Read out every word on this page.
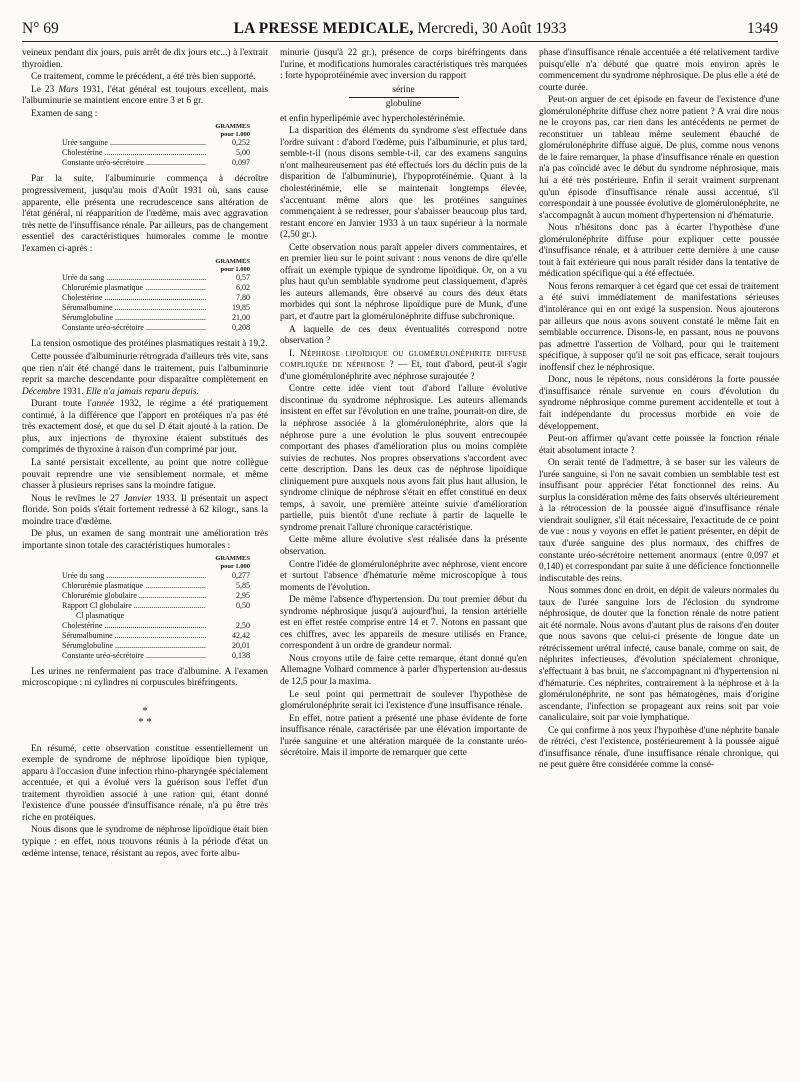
N° 69	LA PRESSE MEDICALE, Mercredi, 30 Août 1933	1349

veineux pendant dix jours, puis arrêt de dix jours etc...) à l'extrait thyroïdien.

Ce traitement, comme le précédent, a été très bien supporté.

Le 23 Mars 1931, l'état général est toujours excellent, mais l'albuminurie se maintient encore entre 3 et 6 gr.

Examen de sang :

GRAMMES
pour 1.000
Urée sanguine .....	0,252
Cholestérine .....	5,00
Constante uréo-sécrétoire .....	0,097

Par la suite, l'albuminurie commença à décroître progressivement, jusqu'au mois d'Août 1931 où, sans cause apparente, elle présenta une recrudescence sans altération de l'état général, ni réapparition de l'œdème, mais avec aggravation très nette de l'insuffisance rénale. Par ailleurs, pas de changement essentiel des caractéristiques humorales comme le montre l'examen ci-après :

GRAMMES
pour 1.000
Urée du sang .....	0,57
Chlorurémie plasmatique .....	6,02
Cholestérine .....	7,80
Sérumalbumine .....	19,85
Sérumglobuline .....	21,00
Constante uréo-sécrétoire .....	0,208

La tension osmotique des protéines plasmatiques restait à 19,2.

Cette poussée d'albuminurie rétrograda d'ailleurs très vite, sans que rien n'ait été changé dans le traitement, puis l'albuminurie reprit sa marche descendante pour disparaître complètement en Décembre 1931. Elle n'a jamais reparu depuis.

Durant toute l'année 1932, le régime a été pratiquement continué, à la différence que l'apport en protéiques n'a pas été très exactement dosé, et que du sel D était ajouté à la ration. De plus, aux injections de thyroxine étaient substitués des comprimés de thyroxine à raison d'un comprimé par jour.

La santé persistait excellente, au point que notre collègue pouvait reprendre une vie sensiblement normale, et même chasser à plusieurs reprises sans la moindre fatigue.

Nous le revîmes le 27 Janvier 1933. Il présentait un aspect floride. Son poids s'était fortement redressé à 62 kilogr., sans la moindre trace d'œdème.

De plus, un examen de sang montrait une amélioration très importante sinon totale des caractéristiques humorales :

GRAMMES
pour 1.000
Urée du sang .....	0,277
Chlorurémie plasmatique .....	5,85
Chlorurémie globulaire .....	2,95
Rapport Cl globulaire .....	0,50
Cl plasmatique
Cholestérine .....	2,50
Sérumalbumine .....	42,42
Sérumglobuline .....	20,01
Constante uréo-sécrétoire .....	0,138

Les urines ne renfermaient pas trace d'albumine. A l'examen microscopique : ni cylindres ni corpuscules biréfringents.

*
* *

En résumé, cette observation constitue essentiellement un exemple de syndrome de néphrose lipoïdique bien typique, apparu à l'occasion d'une infection rhino-pharyngée spécialement accentuée, et qui a évolué vers la guérison sous l'effet d'un traitement thyroïdien associé à une ration qui, étant donné l'existence d'une poussée d'insuffisance rénale, n'a pu être très riche en protéiques.

Nous disons que le syndrome de néphrose lipoïdique était bien typique : en effet, nous trouvons réunis à la période d'état un œdème intense, tenace, résistant au repos, avec forte albu-

minurie (jusqu'à 22 gr.), présence de corps biréfringents dans l'urine, et modifications humorales caractéristiques très marquées : forte hypoprotéinémie avec inversion du rapport

sérine
globuline

et enfin hyperlipémie avec hypercholestérinémie.

La disparition des éléments du syndrome s'est effectuée dans l'ordre suivant : d'abord l'œdème, puis l'albuminurie, et plus tard, semble-t-il (nous disons semble-t-il, car des examens sanguins n'ont malheureusement pas été effectués lors du déclin puis de la disparition de l'albuminurie), l'hypoprotéinémie. Quant à la cholestérinémie, elle se maintenait longtemps élevée, s'accentuant même alors que les protéines sanguines commençaient à se redresser, pour s'abaisser beaucoup plus tard, restant encore en Janvier 1933 à un taux supérieur à la normale (2,50 gr.).

Cette observation nous paraît appeler divers commentaires, et en premier lieu sur le point suivant : nous venons de dire qu'elle offrait un exemple typique de syndrome lipoïdique. Or, on a vu plus haut qu'un semblable syndrome peut classiquement, d'après les auteurs allemands, être observé au cours des deux états morbides qui sont la néphrose lipoïdique pure de Munk, d'une part, et d'autre part la glomérulonéphrite diffuse subchronique.

A laquelle de ces deux éventualités correspond notre observation ?

I. Néphrose lipoïdique ou glomérulonéphrite diffuse compliquée de néphrose ? — Et, tout d'abord, peut-il s'agir d'une glomérulonéphrite avec néphrose surajoutée ?

Contre cette idée vient tout d'abord l'allure évolutive discontinue du syndrome néphrosique. Les auteurs allemands insistent en effet sur l'évolution en une traîne, pourrait-on dire, de la néphrose associée à la glomérulonéphrite, alors que la néphrose pure a une évolution le plus souvent entrecoupée comportant des phases d'amélioration plus ou moins complète suivies de rechutes. Nos propres observations s'accordent avec cette description. Dans les deux cas de néphrose lipoïdique cliniquement pure auxquels nous avons fait plus haut allusion, le syndrome clinique de néphrose s'était en effet constitué en deux temps, à savoir, une première atteinte suivie d'amélioration partielle, puis bientôt d'une rechute à partir de laquelle le syndrome prenait l'allure chronique caractéristique.

Cette même allure évolutive s'est réalisée dans la présente observation.

Contre l'idée de glomérulonéphrite avec néphrose, vient encore et surtout l'absence d'hématurie même microscopique à tous moments de l'évolution.

De même l'absence d'hypertension. Du tout premier début du syndrome néphrosique jusqu'à aujourd'hui, la tension artérielle est en effet restée comprise entre 14 et 7. Notons en passant que ces chiffres, avec les appareils de mesure utilisés en France, correspondent à un ordre de grandeur normal.

Nous croyons utile de faire cette remarque, étant donné qu'en Allemagne Volhard commence à parler d'hypertension au-dessus de 12,5 pour la maxima.

Le seul point qui permettrait de soulever l'hypothèse de glomérulonéphrite serait ici l'existence d'une insuffisance rénale.

En effet, notre patient a présenté une phase évidente de forte insuffisance rénale, caractérisée par une élévation importante de l'urée sanguine et une altération marquée de la constante uréo-sécrétoire. Mais il importe de remarquer que cette

phase d'insuffisance rénale accentuée a été relativement tardive puisqu'elle n'a débuté que quatre mois environ après le commencement du syndrome néphrosique. De plus elle a été de courte durée.

Peut-on arguer de cet épisode en faveur de l'existence d'une glomérulonéphrite diffuse chez notre patient ? A vrai dire nous ne le croyons pas, car rien dans les antécédents ne permet de reconstituer un tableau même seulement ébauché de glomérulonéphrite diffuse aiguë. De plus, comme nous venons de le faire remarquer, la phase d'insuffisance rénale en question n'a pas coïncidé avec le début du syndrome néphrosique, mais lui a été très postérieure. Enfin il serait vraiment surprenant qu'un épisode d'insuffisance rénale aussi accentué, s'il correspondait à une poussée évolutive de glomérulonéphrite, ne s'accompagnât à aucun moment d'hypertension ni d'hématurie.

Nous n'hésitons donc pas à écarter l'hypothèse d'une glomérulonéphrite diffuse pour expliquer cette poussée d'insuffisance rénale, et à attribuer cette dernière à une cause tout à fait extérieure qui nous paraît résider dans la tentative de médication spécifique qui a été effectuée.

Nous ferons remarquer à cet égard que cet essai de traitement a été suivi immédiatement de manifestations sérieuses d'intolérance qui en ont exigé la suspension. Nous ajouterons par ailleurs que nous avons souvent constaté le même fait en semblable occurrence. Disons-le, en passant, nous ne pouvons pas admettre l'assertion de Volhard, pour qui le traitement spécifique, à supposer qu'il ne soit pas efficace, serait toujours inoffensif chez le néphrosique.

Donc, nous le répétons, nous considérons la forte poussée d'insuffisance rénale survenue en cours d'évolution du syndrome néphrosique comme purement accidentelle et tout à fait indépendante du processus morbide en voie de développement.

Peut-on affirmer qu'avant cette poussée la fonction rénale était absolument intacte ?

On serait tenté de l'admettre, à se baser sur les valeurs de l'urée sanguine, si l'on ne savait combien un semblable test est insuffisant pour apprécier l'état fonctionnel des reins. Au surplus la considération même des faits observés ultérieurement à la rétrocession de la poussée aiguë d'insuffisance rénale viendrait souligner, s'il était nécessaire, l'exactitude de ce point de vue : nous y voyons en effet le patient présenter, en dépit de taux d'urée sanguine des plus normaux, des chiffres de constante uréo-sécrétoire nettement anormaux (entre 0,097 et 0,140) et correspondant par suite à une déficience fonctionnelle indiscutable des reins.

Nous sommes donc en droit, en dépit de valeurs normales du taux de l'urée sanguine lors de l'éclosion du syndrome néphrosique, de douter que la fonction rénale de notre patient ait été normale. Nous avons d'autant plus de raisons d'en douter que nous savons que celui-ci présente de longue date un rétrécissement urétral infecté, cause banale, comme on sait, de néphrites infectieuses, d'évolution spécialement chronique, s'effectuant à bas bruit, ne s'accompagnant ni d'hypertension ni d'hématurie. Ces néphrites, contrairement à la néphrose et à la glomérulonéphrite, ne sont pas hématogènes, mais d'origine ascendante, l'infection se propageant aux reins soit par voie canaliculaire, soit par voie lymphatique.

Ce qui confirme à nos yeux l'hypothèse d'une néphrite banale de rétréci, c'est l'existence, postérieurement à la poussée aiguë d'insuffisance rénale, d'une insuffisance rénale chronique, qui ne peut guère être considérée comme la consé-
